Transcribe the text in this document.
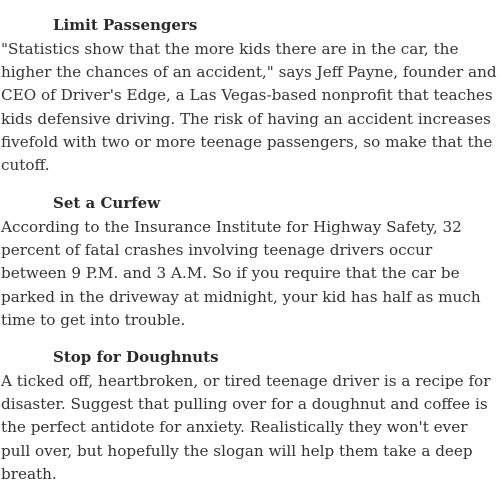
Limit Passengers

"Statistics show that the more kids there are in the car, the higher the chances of an accident," says Jeff Payne, founder and CEO of Driver's Edge, a Las Vegas-based nonprofit that teaches kids defensive driving. The risk of having an accident increases fivefold with two or more teenage passengers, so make that the cutoff.

Set a Curfew

According to the Insurance Institute for Highway Safety, 32 percent of fatal crashes involving teenage drivers occur between 9 P.M. and 3 A.M. So if you require that the car be parked in the driveway at midnight, your kid has half as much time to get into trouble.

Stop for Doughnuts

A ticked off, heartbroken, or tired teenage driver is a recipe for disaster. Suggest that pulling over for a doughnut and coffee is the perfect antidote for anxiety. Realistically they won't ever pull over, but hopefully the slogan will help them take a deep breath.
